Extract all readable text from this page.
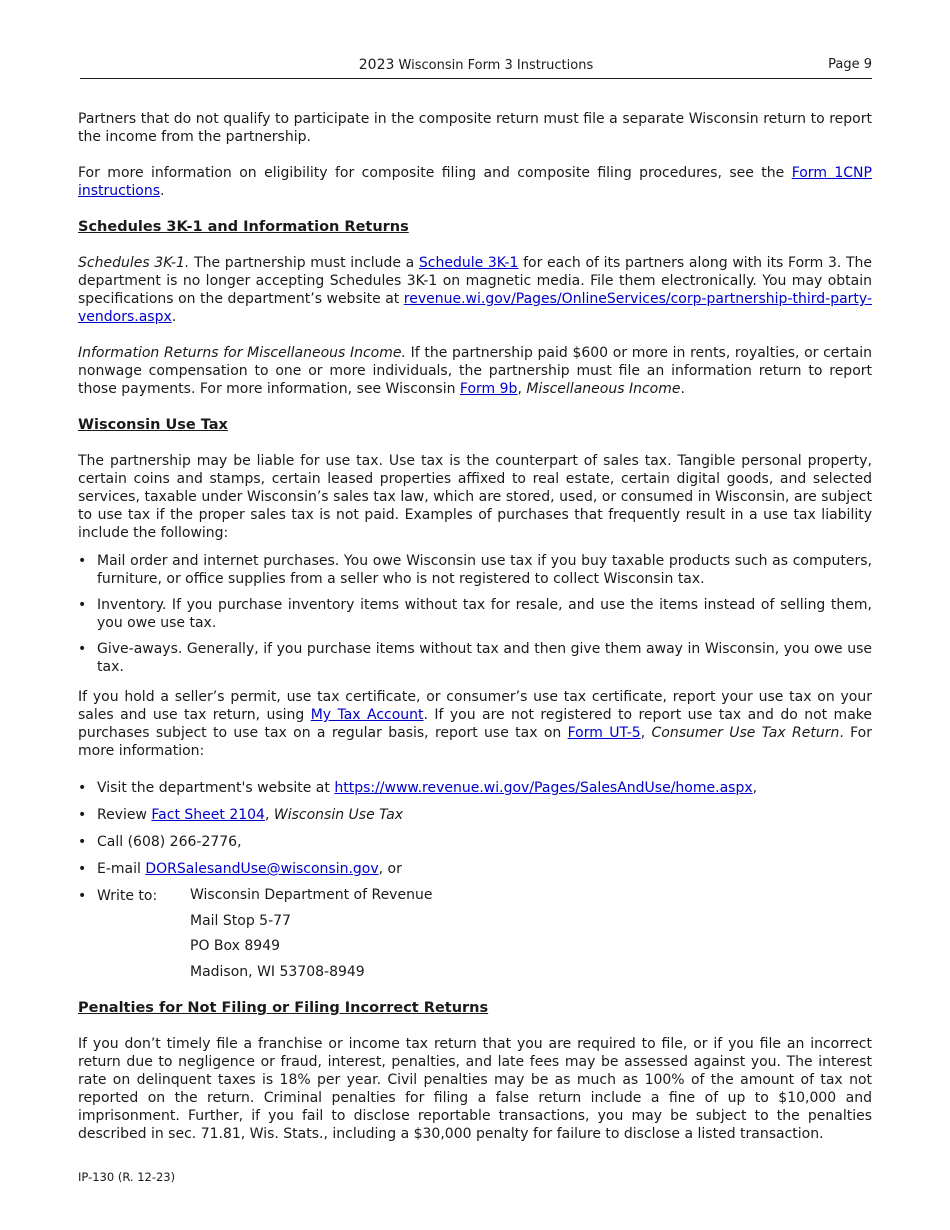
2023 Wisconsin Form 3 Instructions	Page 9

Partners that do not qualify to participate in the composite return must file a separate Wisconsin return to report the income from the partnership.

For more information on eligibility for composite filing and composite filing procedures, see the Form 1CNP instructions.

Schedules 3K-1 and Information Returns

Schedules 3K-1. The partnership must include a Schedule 3K-1 for each of its partners along with its Form 3. The department is no longer accepting Schedules 3K-1 on magnetic media. File them electronically. You may obtain specifications on the department’s website at revenue.wi.gov/Pages/OnlineServices/corp-partnership-third-party-vendors.aspx.

Information Returns for Miscellaneous Income. If the partnership paid $600 or more in rents, royalties, or certain nonwage compensation to one or more individuals, the partnership must file an information return to report those payments. For more information, see Wisconsin Form 9b, Miscellaneous Income.

Wisconsin Use Tax

The partnership may be liable for use tax. Use tax is the counterpart of sales tax. Tangible personal property, certain coins and stamps, certain leased properties affixed to real estate, certain digital goods, and selected services, taxable under Wisconsin’s sales tax law, which are stored, used, or consumed in Wisconsin, are subject to use tax if the proper sales tax is not paid. Examples of purchases that frequently result in a use tax liability include the following:

• Mail order and internet purchases. You owe Wisconsin use tax if you buy taxable products such as computers, furniture, or office supplies from a seller who is not registered to collect Wisconsin tax.
• Inventory. If you purchase inventory items without tax for resale, and use the items instead of selling them, you owe use tax.
• Give-aways. Generally, if you purchase items without tax and then give them away in Wisconsin, you owe use tax.

If you hold a seller’s permit, use tax certificate, or consumer’s use tax certificate, report your use tax on your sales and use tax return, using My Tax Account. If you are not registered to report use tax and do not make purchases subject to use tax on a regular basis, report use tax on Form UT-5, Consumer Use Tax Return. For more information:

• Visit the department's website at https://www.revenue.wi.gov/Pages/SalesAndUse/home.aspx,
• Review Fact Sheet 2104, Wisconsin Use Tax
• Call (608) 266-2776,
• E-mail DORSalesandUse@wisconsin.gov, or
• Write to:	Wisconsin Department of Revenue
Mail Stop 5-77
PO Box 8949
Madison, WI 53708-8949
Penalties for Not Filing or Filing Incorrect Returns

If you don’t timely file a franchise or income tax return that you are required to file, or if you file an incorrect return due to negligence or fraud, interest, penalties, and late fees may be assessed against you. The interest rate on delinquent taxes is 18% per year. Civil penalties may be as much as 100% of the amount of tax not reported on the return. Criminal penalties for filing a false return include a fine of up to $10,000 and imprisonment. Further, if you fail to disclose reportable transactions, you may be subject to the penalties described in sec. 71.81, Wis. Stats., including a $30,000 penalty for failure to disclose a listed transaction.

IP-130 (R. 12-23)
